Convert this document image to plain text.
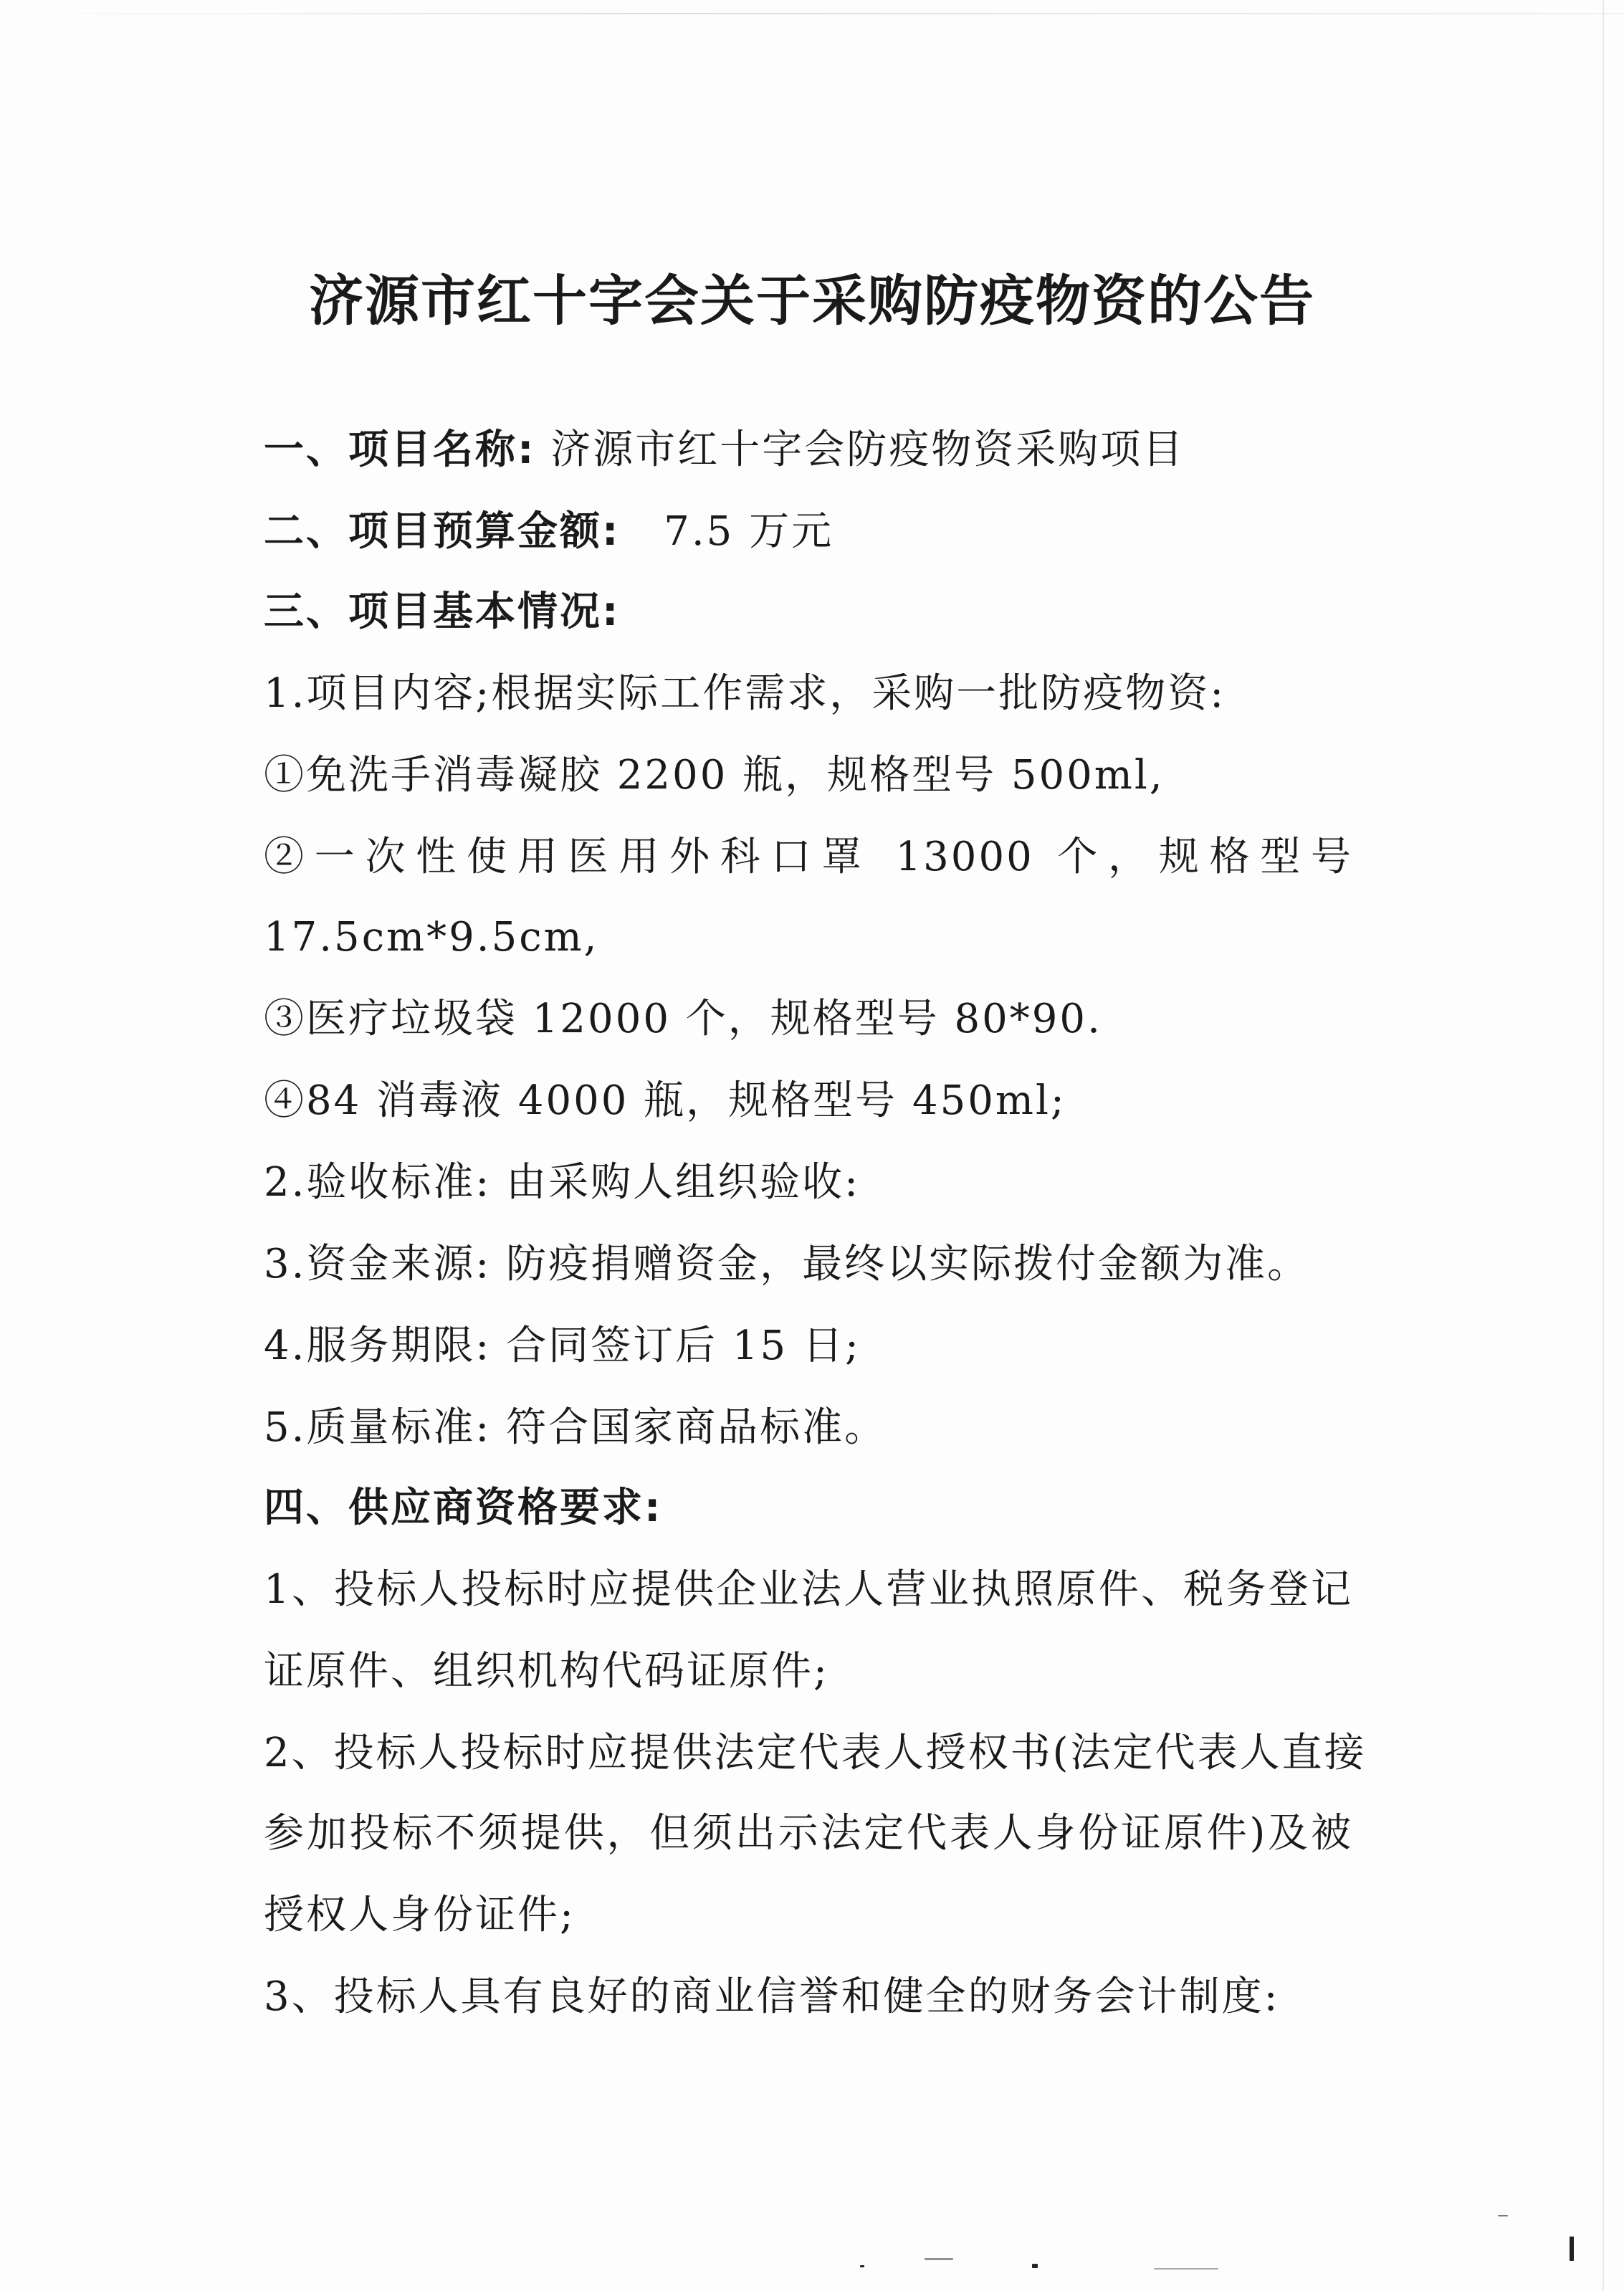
济源市红十字会关于采购防疫物资的公告
一、项目名称: 济源市红十字会防疫物资采购项目
二、项目预算金额: 7.5 万元
三、项目基本情况:
1.项目内容;根据实际工作需求，采购一批防疫物资:
①免洗手消毒凝胶 2200 瓶，规格型号 500ml,
②一次性使用医用外科口罩 13000 个，规格型号
17.5cm*9.5cm,
③医疗垃圾袋 12000 个，规格型号 80*90.
④84 消毒液 4000 瓶，规格型号 450ml;
2.验收标准: 由采购人组织验收:
3.资金来源: 防疫捐赠资金，最终以实际拨付金额为准。
4.服务期限: 合同签订后 15 日;
5.质量标准: 符合国家商品标准。
四、供应商资格要求:
1、投标人投标时应提供企业法人营业执照原件、税务登记
证原件、组织机构代码证原件;
2、投标人投标时应提供法定代表人授权书(法定代表人直接
参加投标不须提供，但须出示法定代表人身份证原件)及被
授权人身份证件;
3、投标人具有良好的商业信誉和健全的财务会计制度:
